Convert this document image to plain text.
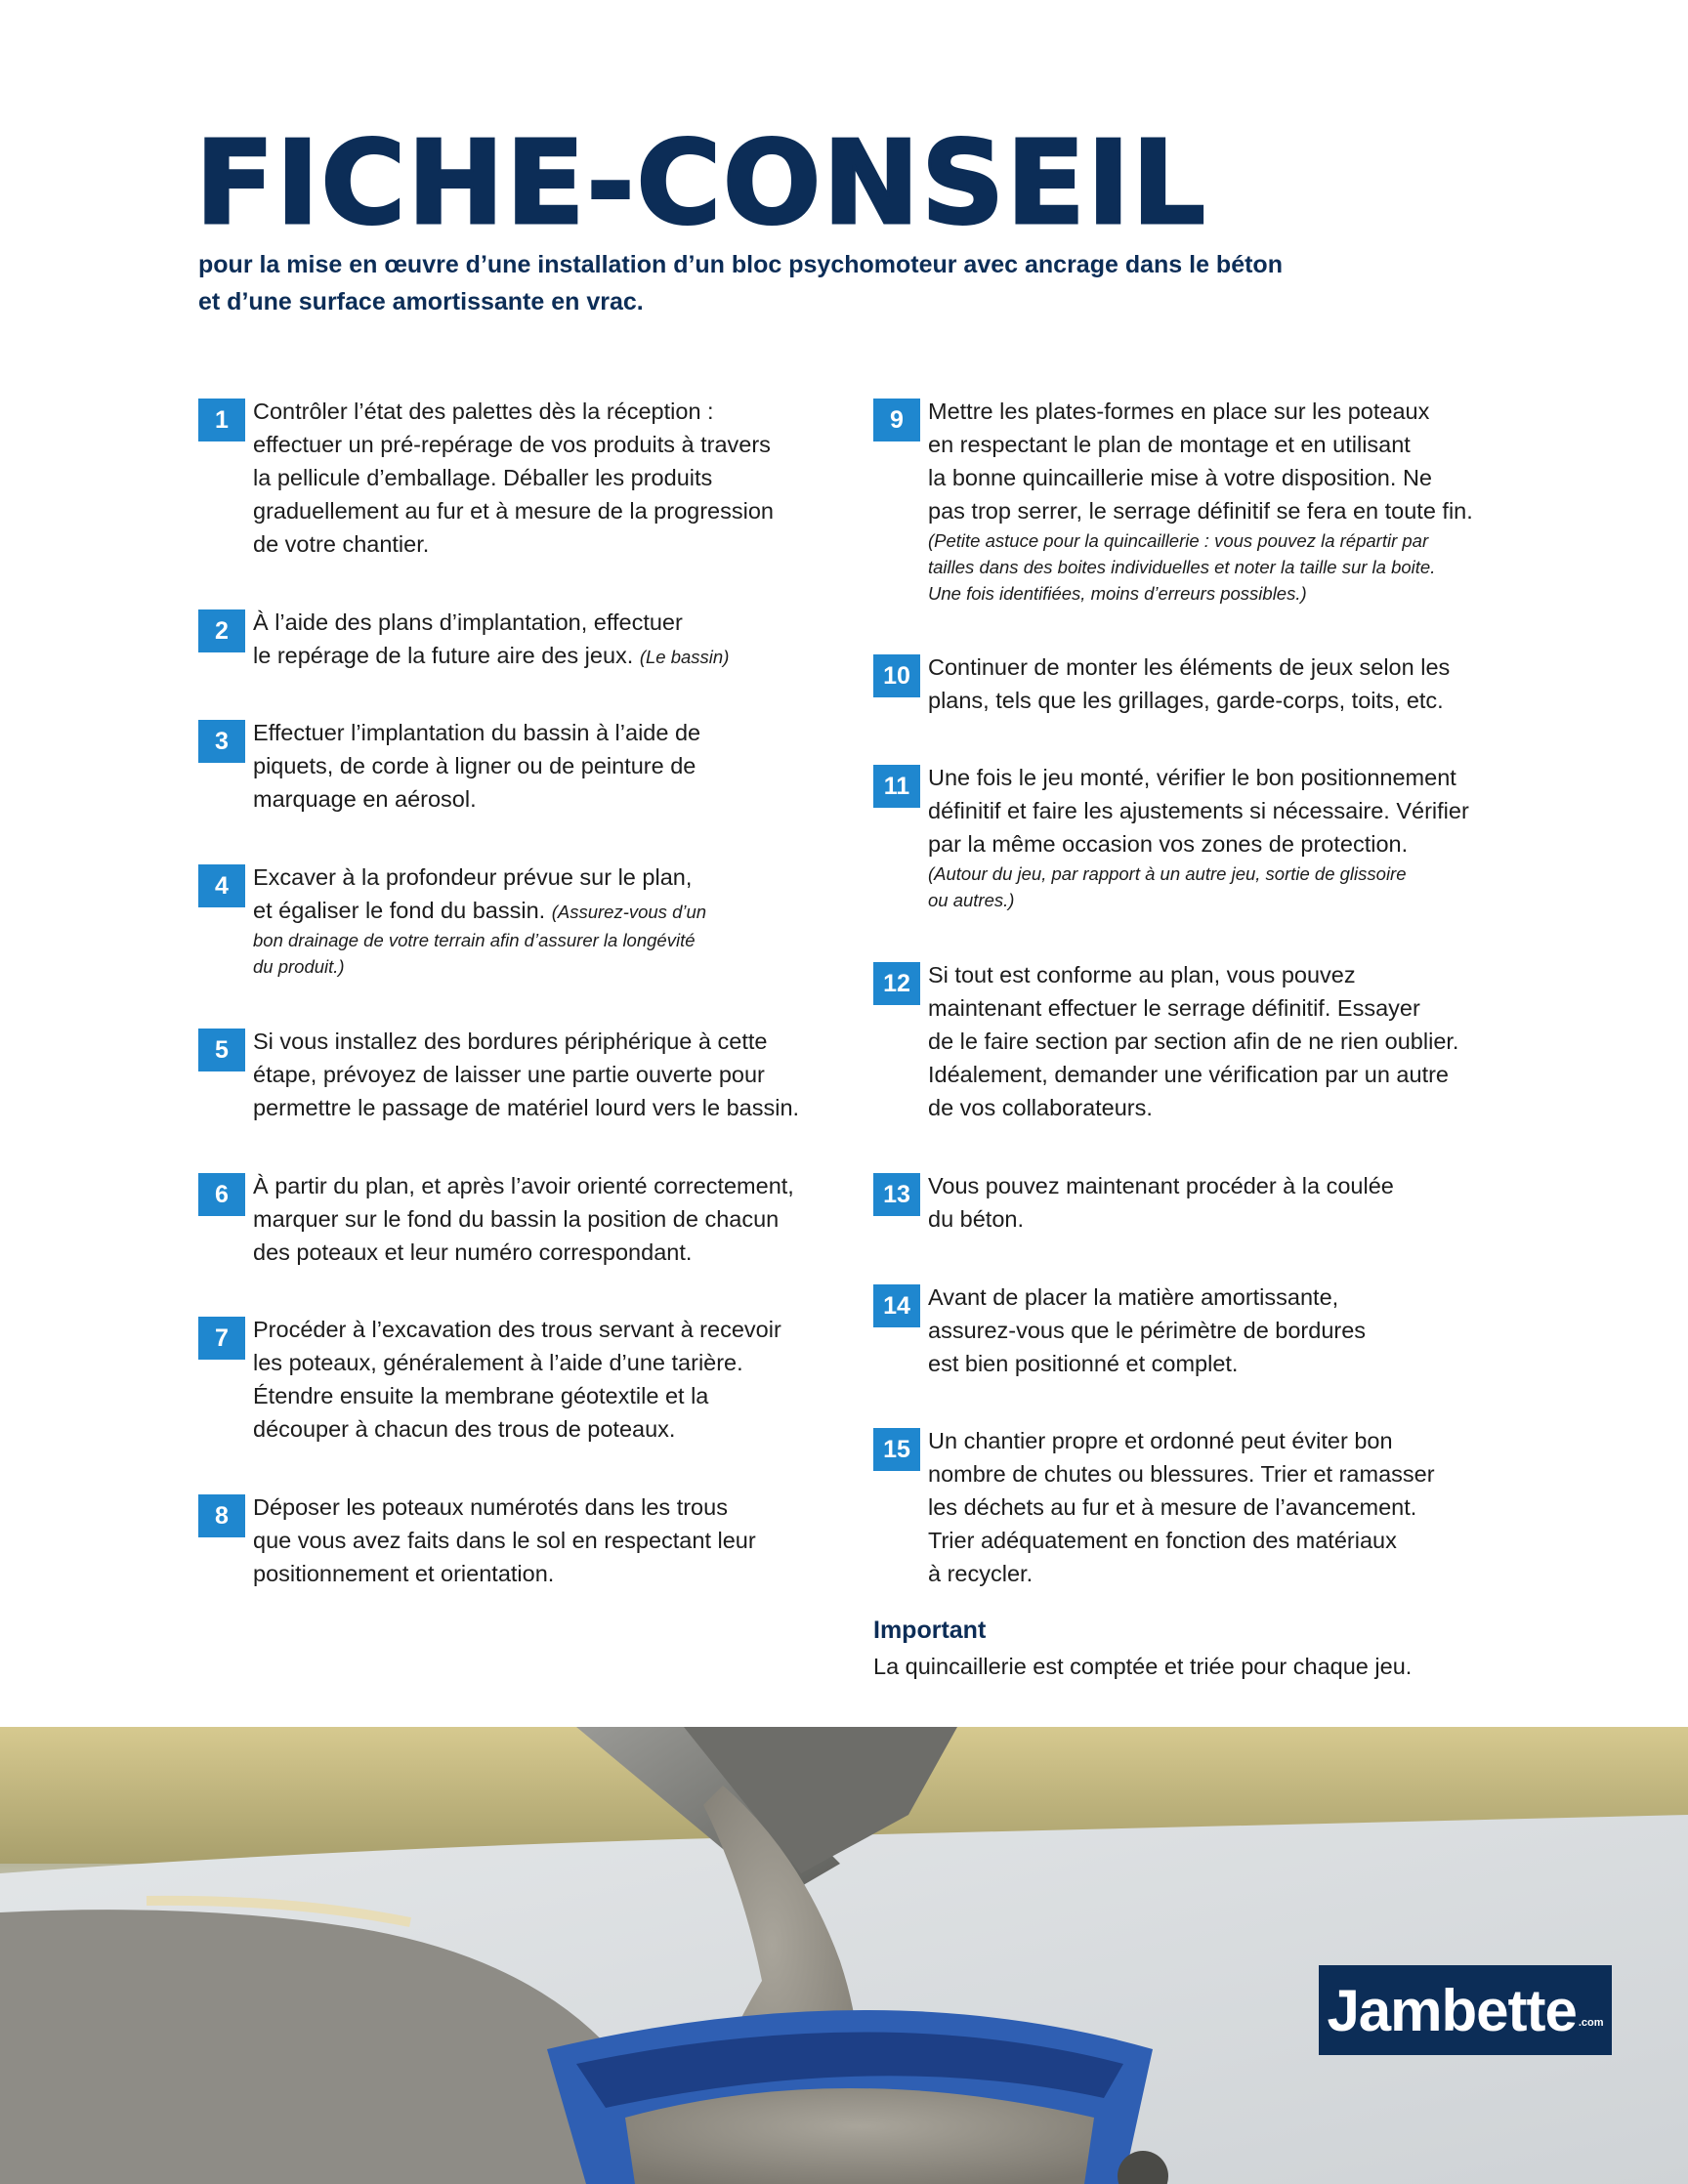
FICHE-CONSEIL
pour la mise en œuvre d’une installation d’un bloc psychomoteur avec ancrage dans le béton
et d’une surface amortissante en vrac.
1	Contrôler l’état des palettes dès la réception :
effectuer un pré-repérage de vos produits à travers
la pellicule d’emballage. Déballer les produits
graduellement au fur et à mesure de la progression
de votre chantier.
2	À l’aide des plans d’implantation, effectuer
le repérage de la future aire des jeux. (Le bassin)
3	Effectuer l’implantation du bassin à l’aide de
piquets, de corde à ligner ou de peinture de
marquage en aérosol.
4	Excaver à la profondeur prévue sur le plan,
et égaliser le fond du bassin. (Assurez-vous d’un
bon drainage de votre terrain afin d’assurer la longévité
du produit.)
5	Si vous installez des bordures périphérique à cette
étape, prévoyez de laisser une partie ouverte pour
permettre le passage de matériel lourd vers le bassin.
6	À partir du plan, et après l’avoir orienté correctement,
marquer sur le fond du bassin la position de chacun
des poteaux et leur numéro correspondant.
7	Procéder à l’excavation des trous servant à recevoir
les poteaux, généralement à l’aide d’une tarière.
Étendre ensuite la membrane géotextile et la
découper à chacun des trous de poteaux.
8	Déposer les poteaux numérotés dans les trous
que vous avez faits dans le sol en respectant leur
positionnement et orientation.
9	Mettre les plates-formes en place sur les poteaux
en respectant le plan de montage et en utilisant
la bonne quincaillerie mise à votre disposition. Ne
pas trop serrer, le serrage définitif se fera en toute fin.
(Petite astuce pour la quincaillerie : vous pouvez la répartir par
tailles dans des boites individuelles et noter la taille sur la boite.
Une fois identifiées, moins d’erreurs possibles.)
10 Continuer de monter les éléments de jeux selon les
plans, tels que les grillages, garde-corps, toits, etc.
11 Une fois le jeu monté, vérifier le bon positionnement
définitif et faire les ajustements si nécessaire. Vérifier
par la même occasion vos zones de protection.
(Autour du jeu, par rapport à un autre jeu, sortie de glissoire
ou autres.)
12 Si tout est conforme au plan, vous pouvez
maintenant effectuer le serrage définitif. Essayer
de le faire section par section afin de ne rien oublier.
Idéalement, demander une vérification par un autre
de vos collaborateurs.
13 Vous pouvez maintenant procéder à la coulée
du béton.
14 Avant de placer la matière amortissante,
assurez-vous que le périmètre de bordures
est bien positionné et complet.
15 Un chantier propre et ordonné peut éviter bon
nombre de chutes ou blessures. Trier et ramasser
les déchets au fur et à mesure de l’avancement.
Trier adéquatement en fonction des matériaux
à recycler.
Important
La quincaillerie est comptée et triée pour chaque jeu.
Jambette .com
